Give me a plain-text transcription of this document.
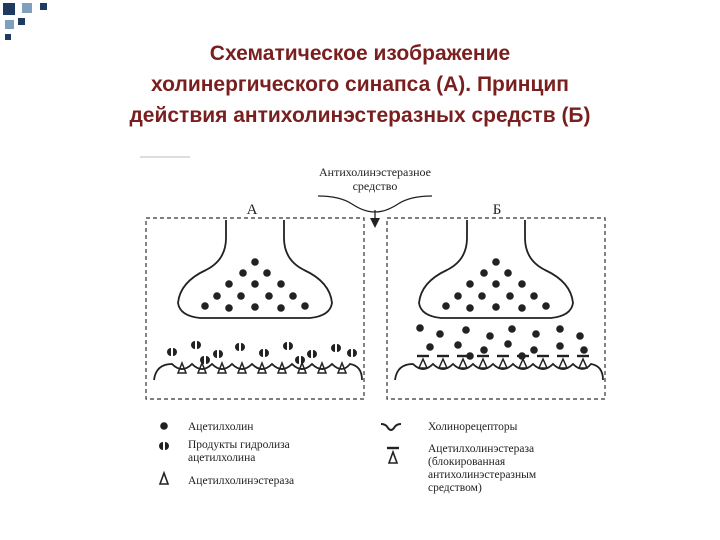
Схематическое изображение
холинергического синапса (А). Принцип
действия антихолинэстеразных средств (Б)
Антихолинэстеразное
средство
А	Б
Ацетилхолин
Продукты гидролиза
ацетилхолина
Ацетилхолинэстераза
Холинорецепторы
Ацетилхолинэстераза
(блокированная
антихолинэстеразным
средством)
